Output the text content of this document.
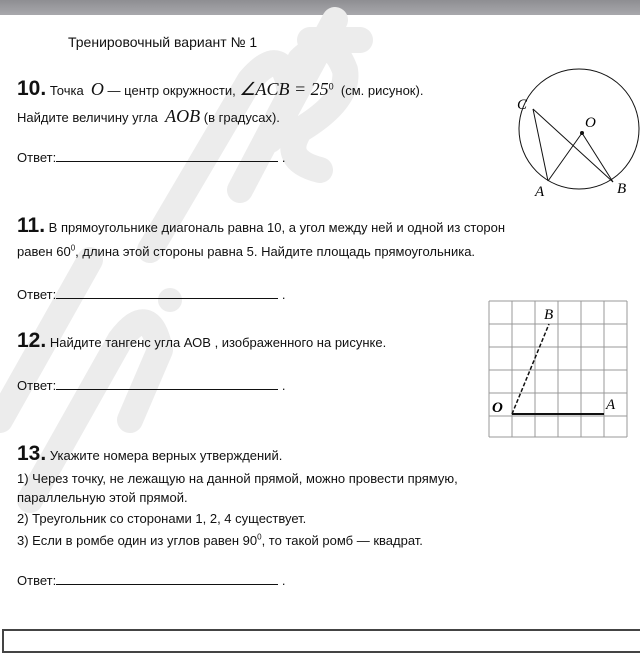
Тренировочный вариант № 1
10. Точка O — центр окружности, ∠ACB = $25^0$ (см. рисунок).
Найдите величину угла AOB (в градусах).
Ответ:	.
C
O
A	B
11. В прямоугольнике диагональ равна 10, а угол между ней и одной из сторон
равен $60^0$, длина этой стороны равна 5. Найдите площадь прямоугольника.
Ответ:	.
12. Найдите тангенс угла АОВ , изображенного на рисунке.
Ответ:	.
O	A
B
13. Укажите номера верных утверждений.
1) Через точку, не лежащую на данной прямой, можно провести прямую,
параллельную этой прямой.
2) Треугольник со сторонами 1, 2, 4 существует.
3) Если в ромбе один из углов равен $90^0$, то такой ромб — квадрат.
Ответ:	.
